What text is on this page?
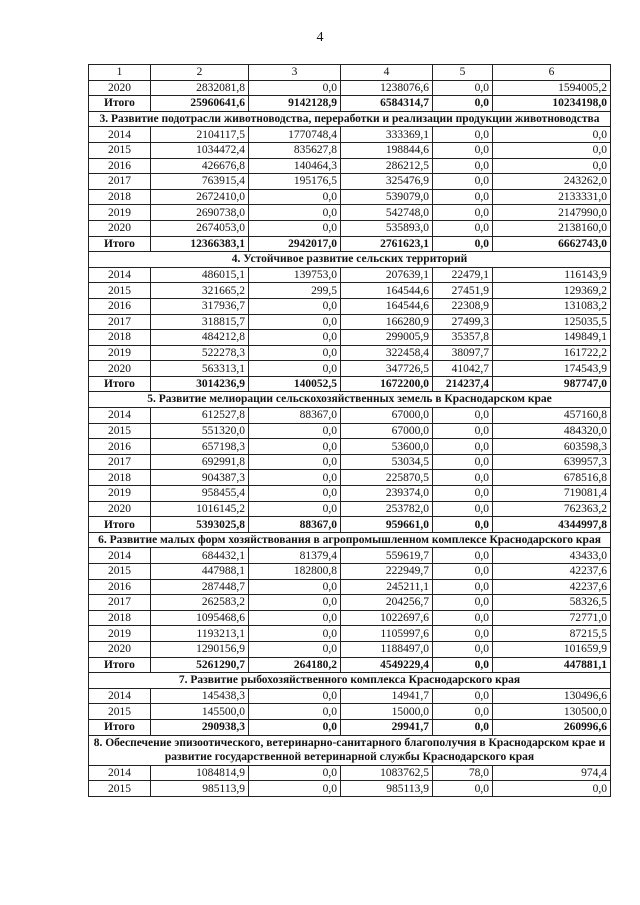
4
1	2	3	4	5	6
2020	2832081,8	0,0	1238076,6	0,0	1594005,2
Итого	25960641,6	9142128,9	6584314,7	0,0	10234198,0
3. Развитие подотрасли животноводства, переработки и реализации продукции животноводства					
2014	2104117,5	1770748,4	333369,1	0,0	0,0
2015	1034472,4	835627,8	198844,6	0,0	0,0
2016	426676,8	140464,3	286212,5	0,0	0,0
2017	763915,4	195176,5	325476,9	0,0	243262,0
2018	2672410,0	0,0	539079,0	0,0	2133331,0
2019	2690738,0	0,0	542748,0	0,0	2147990,0
2020	2674053,0	0,0	535893,0	0,0	2138160,0
Итого	12366383,1	2942017,0	2761623,1	0,0	6662743,0
4. Устойчивое развитие сельских территорий					
2014	486015,1	139753,0	207639,1	22479,1	116143,9
2015	321665,2	299,5	164544,6	27451,9	129369,2
2016	317936,7	0,0	164544,6	22308,9	131083,2
2017	318815,7	0,0	166280,9	27499,3	125035,5
2018	484212,8	0,0	299005,9	35357,8	149849,1
2019	522278,3	0,0	322458,4	38097,7	161722,2
2020	563313,1	0,0	347726,5	41042,7	174543,9
Итого	3014236,9	140052,5	1672200,0	214237,4	987747,0
5. Развитие мелиорации сельскохозяйственных земель в Краснодарском крае					
2014	612527,8	88367,0	67000,0	0,0	457160,8
2015	551320,0	0,0	67000,0	0,0	484320,0
2016	657198,3	0,0	53600,0	0,0	603598,3
2017	692991,8	0,0	53034,5	0,0	639957,3
2018	904387,3	0,0	225870,5	0,0	678516,8
2019	958455,4	0,0	239374,0	0,0	719081,4
2020	1016145,2	0,0	253782,0	0,0	762363,2
Итого	5393025,8	88367,0	959661,0	0,0	4344997,8
6. Развитие малых форм хозяйствования в агропромышленном комплексе Краснодарского края					
2014	684432,1	81379,4	559619,7	0,0	43433,0
2015	447988,1	182800,8	222949,7	0,0	42237,6
2016	287448,7	0,0	245211,1	0,0	42237,6
2017	262583,2	0,0	204256,7	0,0	58326,5
2018	1095468,6	0,0	1022697,6	0,0	72771,0
2019	1193213,1	0,0	1105997,6	0,0	87215,5
2020	1290156,9	0,0	1188497,0	0,0	101659,9
Итого	5261290,7	264180,2	4549229,4	0,0	447881,1
7. Развитие рыбохозяйственного комплекса Краснодарского края					
2014	145438,3	0,0	14941,7	0,0	130496,6
2015	145500,0	0,0	15000,0	0,0	130500,0
Итого	290938,3	0,0	29941,7	0,0	260996,6
8. Обеспечение эпизоотического, ветеринарно-санитарного благополучия в Краснодарском крае и развитие государственной ветеринарной службы Краснодарского края					
2014	1084814,9	0,0	1083762,5	78,0	974,4
2015	985113,9	0,0	985113,9	0,0	0,0
